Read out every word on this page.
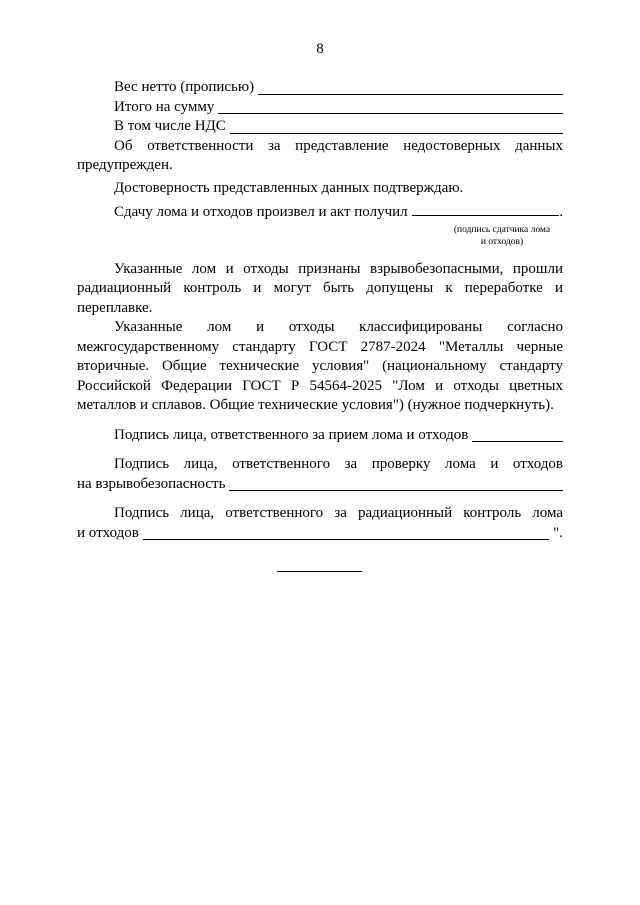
8
Вес нетто (прописью)
Итого на сумму
В том числе НДС

Об ответственности за представление недостоверных данных предупрежден.

Достоверность представленных данных подтверждаю.

Сдачу лома и отходов произвел и акт получил	.
(подпись сдатчика лома
и отходов)

Указанные лом и отходы признаны взрывобезопасными, прошли радиационный контроль и могут быть допущены к переработке и переплавке.

Указанные лом и отходы классифицированы согласно межгосударственному стандарту ГОСТ 2787-2024 "Металлы черные вторичные. Общие технические условия" (национальному стандарту Российской Федерации ГОСТ Р 54564-2025 "Лом и отходы цветных металлов и сплавов. Общие технические условия") (нужное подчеркнуть).

Подпись лица, ответственного за прием лома и отходов

Подпись лица, ответственного за проверку лома и отходов

на взрывобезопасность

Подпись лица, ответственного за радиационный контроль лома

и отходов	".
